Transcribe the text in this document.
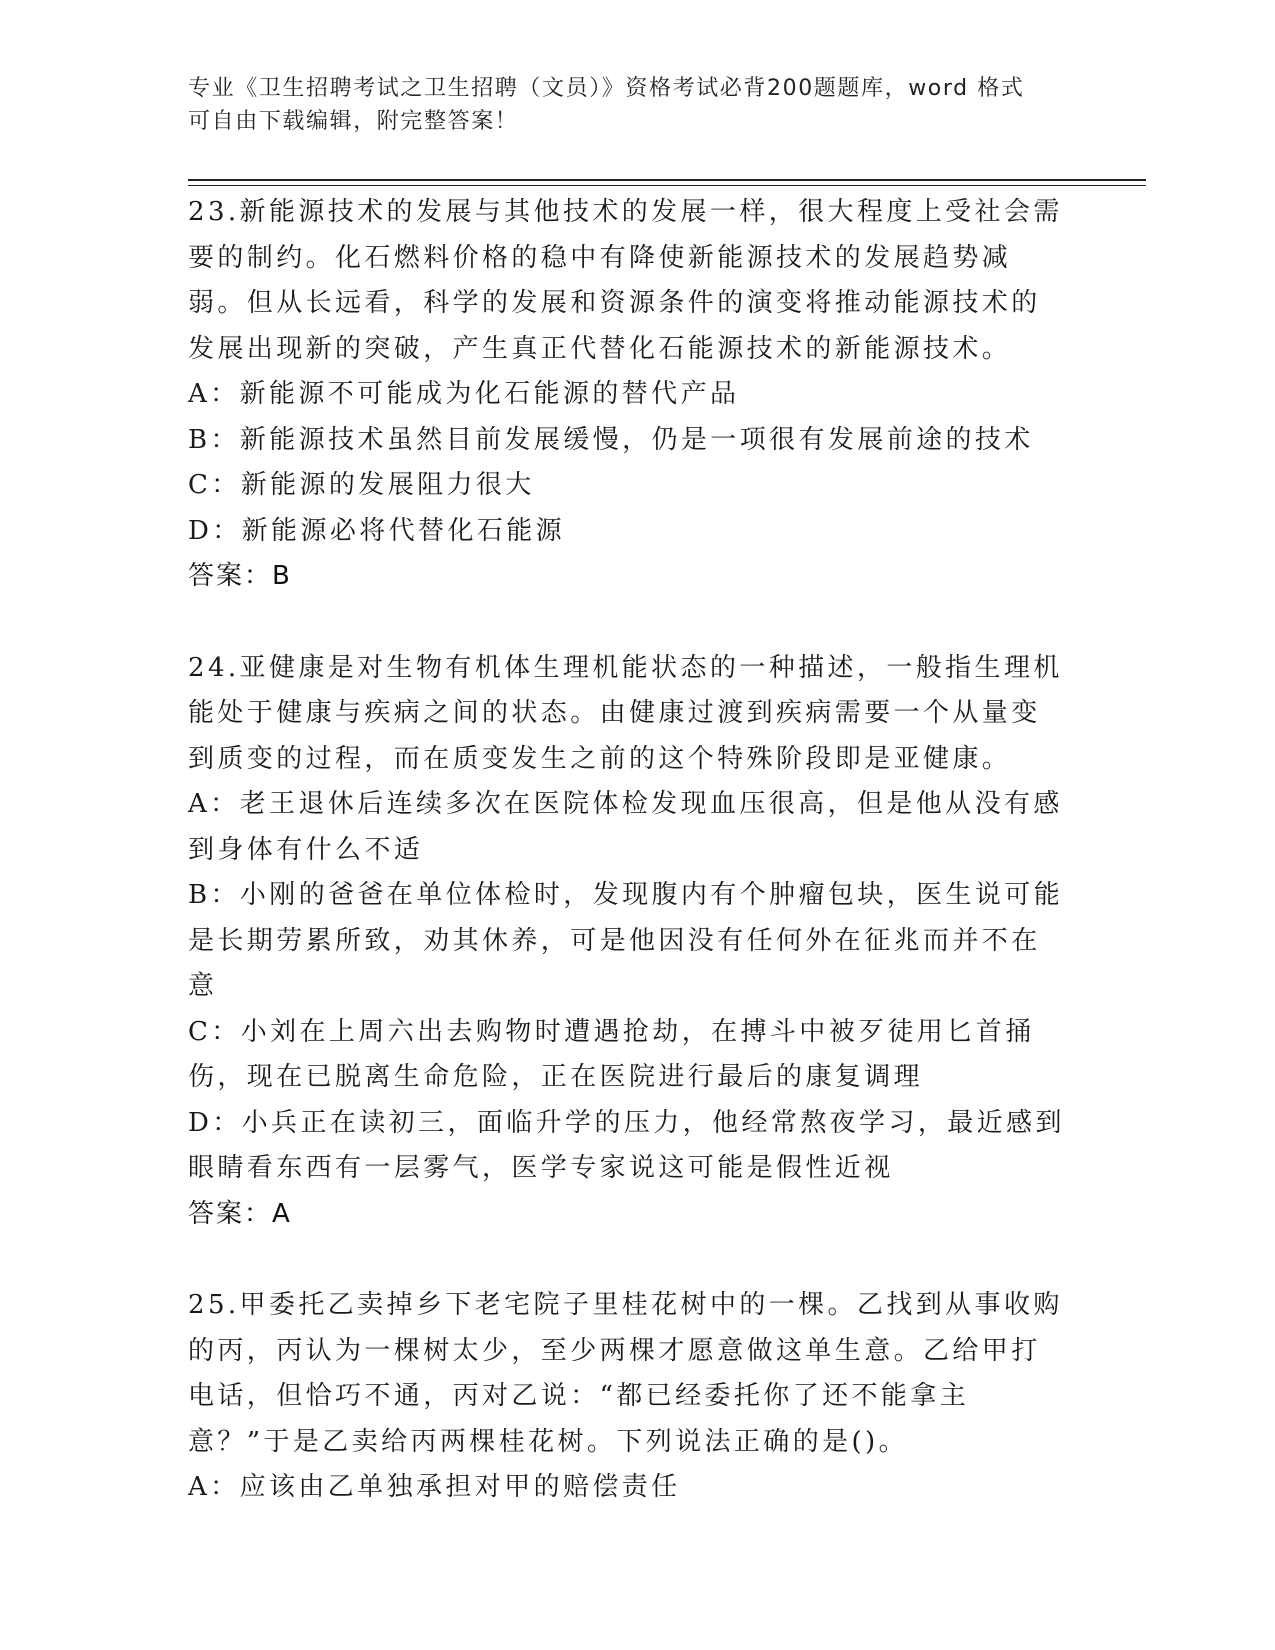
专业《卫生招聘考试之卫生招聘（文员）》资格考试必背200题题库，word 格式
可自由下载编辑，附完整答案！
23.新能源技术的发展与其他技术的发展一样，很大程度上受社会需要的制约。化石燃料价格的稳中有降使新能源技术的发展趋势减弱。但从长远看，科学的发展和资源条件的演变将推动能源技术的发展出现新的突破，产生真正代替化石能源技术的新能源技术。
A：新能源不可能成为化石能源的替代产品
B：新能源技术虽然目前发展缓慢，仍是一项很有发展前途的技术
C：新能源的发展阻力很大
D：新能源必将代替化石能源
答案：B
24.亚健康是对生物有机体生理机能状态的一种描述，一般指生理机能处于健康与疾病之间的状态。由健康过渡到疾病需要一个从量变到质变的过程，而在质变发生之前的这个特殊阶段即是亚健康。
A：老王退休后连续多次在医院体检发现血压很高，但是他从没有感到身体有什么不适
B：小刚的爸爸在单位体检时，发现腹内有个肿瘤包块，医生说可能是长期劳累所致，劝其休养，可是他因没有任何外在征兆而并不在意
C：小刘在上周六出去购物时遭遇抢劫，在搏斗中被歹徒用匕首捅伤，现在已脱离生命危险，正在医院进行最后的康复调理
D：小兵正在读初三，面临升学的压力，他经常熬夜学习，最近感到眼睛看东西有一层雾气，医学专家说这可能是假性近视
答案：A
25.甲委托乙卖掉乡下老宅院子里桂花树中的一棵。乙找到从事收购的丙，丙认为一棵树太少，至少两棵才愿意做这单生意。乙给甲打电话，但恰巧不通，丙对乙说：“都已经委托你了还不能拿主意？”于是乙卖给丙两棵桂花树。下列说法正确的是()。
A：应该由乙单独承担对甲的赔偿责任
